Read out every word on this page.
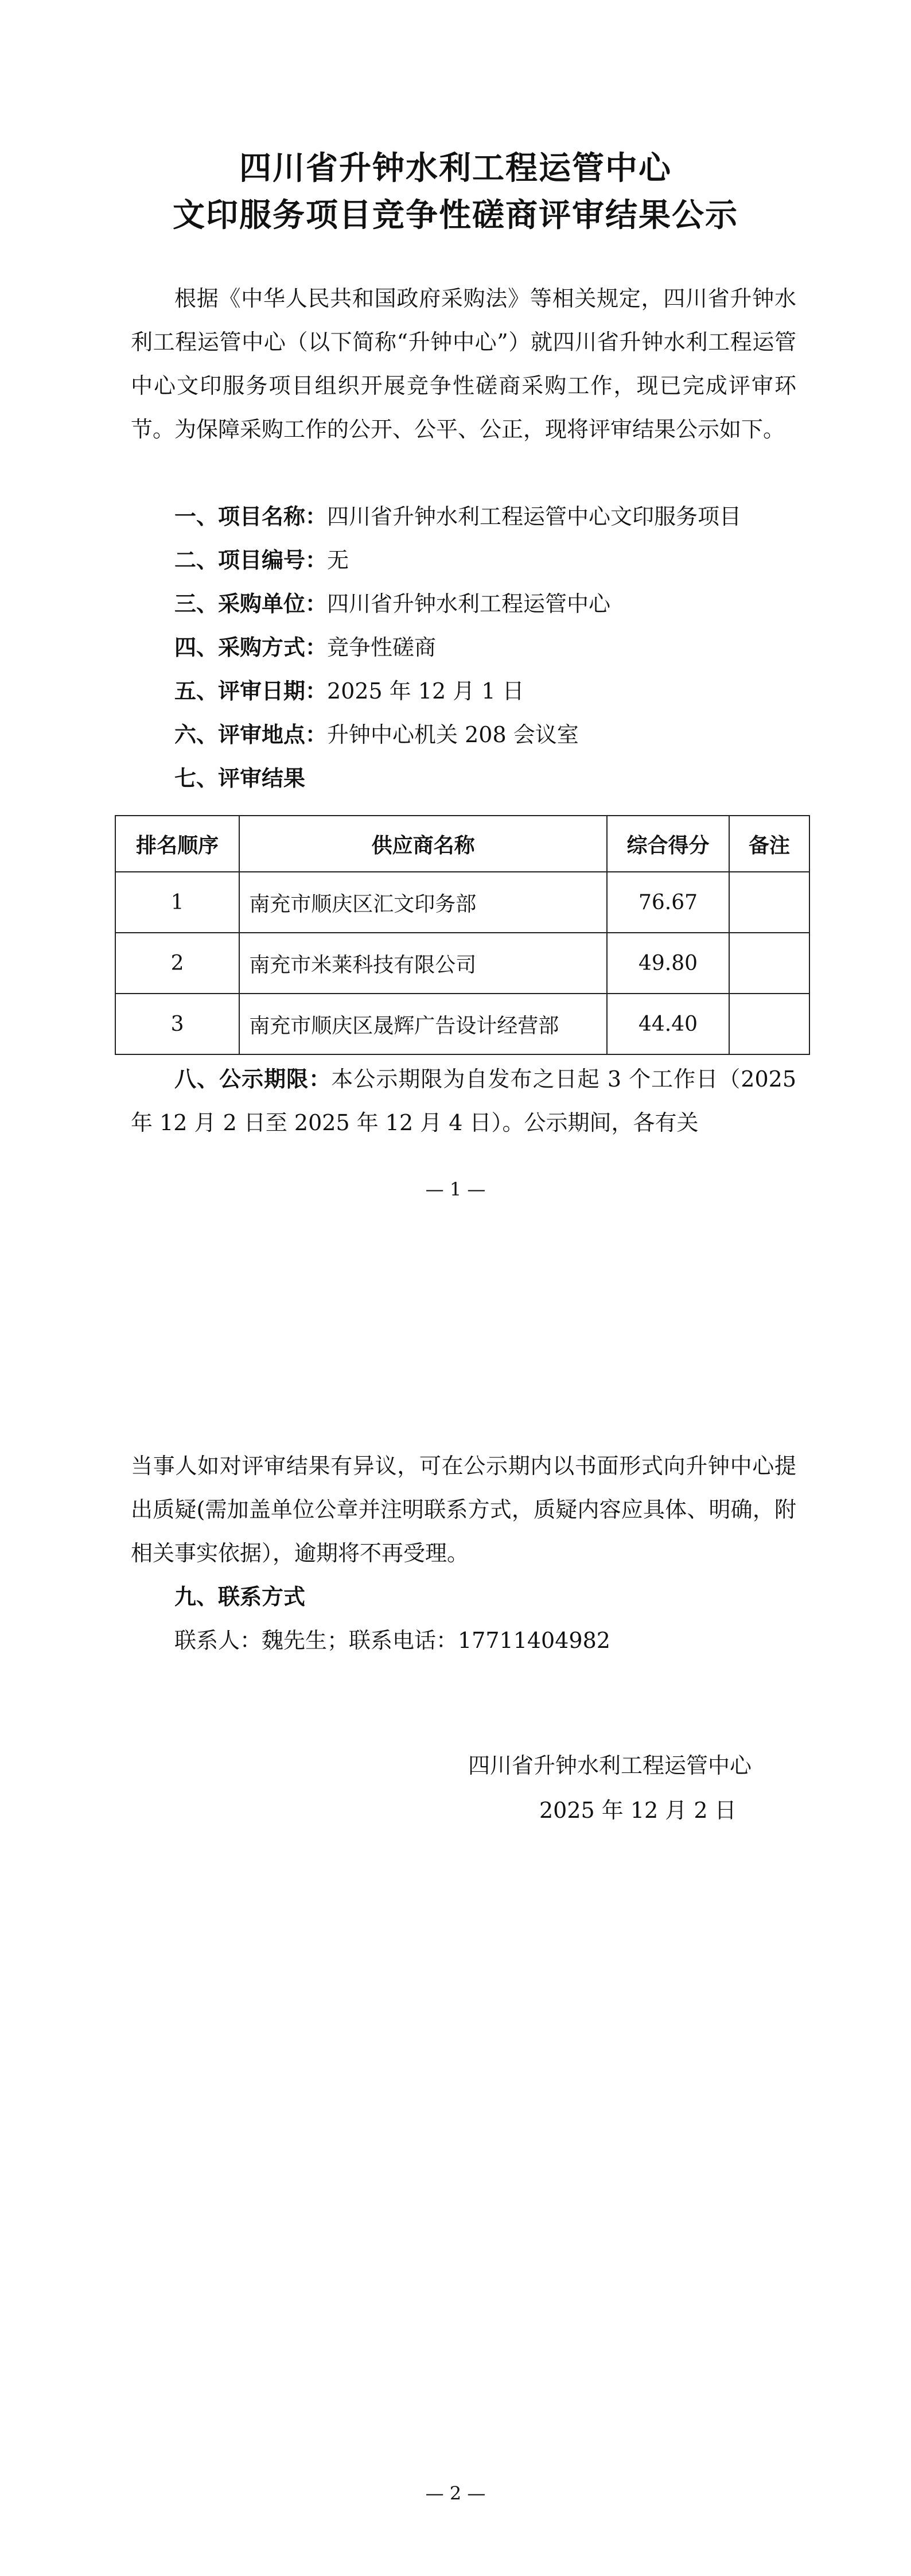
四川省升钟水利工程运管中心
文印服务项目竞争性磋商评审结果公示
根据《中华人民共和国政府采购法》等相关规定，四川省升钟水利工程运管中心（以下简称“升钟中心”）就四川省升钟水利工程运管中心文印服务项目组织开展竞争性磋商采购工作，现已完成评审环节。为保障采购工作的公开、公平、公正，现将评审结果公示如下。
一、项目名称：四川省升钟水利工程运管中心文印服务项目
二、项目编号：无
三、采购单位：四川省升钟水利工程运管中心
四、采购方式：竞争性磋商
五、评审日期：2025 年 12 月 1 日
六、评审地点：升钟中心机关 208 会议室
七、评审结果
排名顺序	供应商名称	综合得分	备注
1	南充市顺庆区汇文印务部	76.67	
2	南充市米莱科技有限公司	49.80	
3	南充市顺庆区晟辉广告设计经营部	44.40	
八、公示期限：本公示期限为自发布之日起 3 个工作日（2025 年 12 月 2 日至 2025 年 12 月 4 日）。公示期间，各有关
— 1 —
当事人如对评审结果有异议，可在公示期内以书面形式向升钟中心提出质疑(需加盖单位公章并注明联系方式，质疑内容应具体、明确，附相关事实依据），逾期将不再受理。
九、联系方式
联系人：魏先生；联系电话：17711404982
四川省升钟水利工程运管中心
2025 年 12 月 2 日
— 2 —
